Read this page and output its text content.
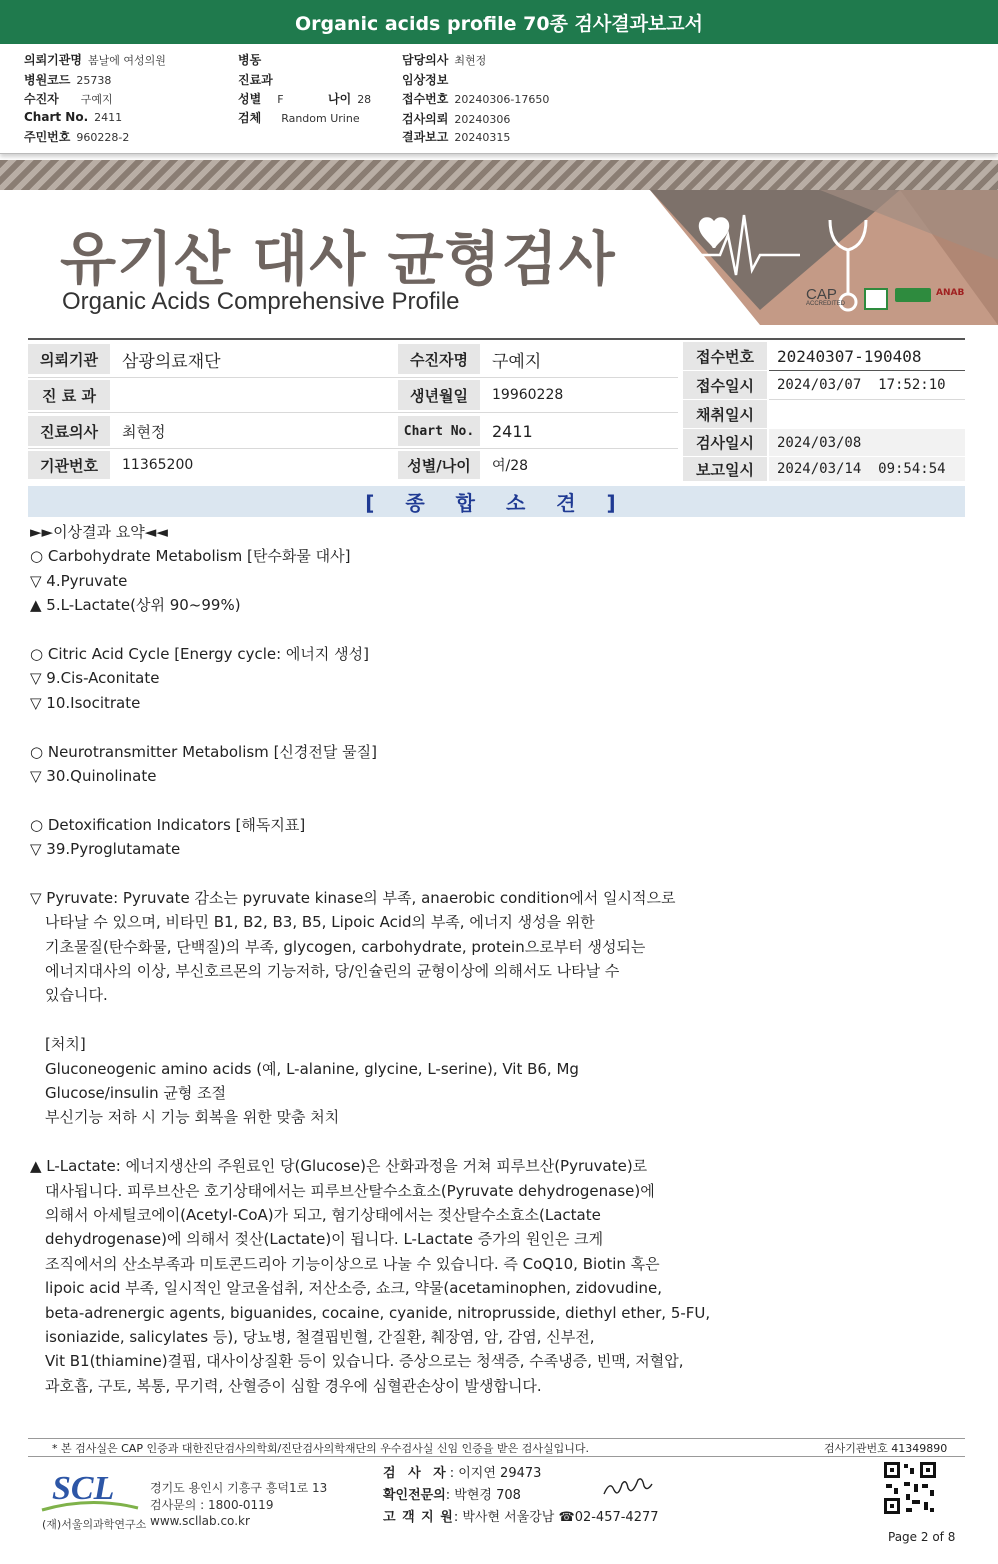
Organic acids profile 70종 검사결과보고서
의뢰기관명 봄날에 여성의원
병원코드 25738
수진자 구예지
Chart No. 2411
주민번호 960228-2
병동
진료과
성별 F	나이 28
검체 Random Urine
담당의사 최현정
임상정보
접수번호 20240306-17650
검사의뢰 20240306
결과보고 20240315
유기산 대사 균형검사
Organic Acids Comprehensive Profile	CAP
ACCREDITED
ANAB
의뢰기관	삼광의료재단
진 료 과
진료의사	최현정
기관번호	11365200
수진자명	구예지
생년월일	19960228
Chart No.	2411
성별/나이	여/28
접수번호	20240307-190408
접수일시	2024/03/07  17:52:10
채취일시
검사일시	2024/03/08
보고일시	2024/03/14  09:54:54
[ 종 합 소 견 ]
►►이상결과 요약◄◄
○ Carbohydrate Metabolism [탄수화물 대사]
▽ 4.Pyruvate
▲ 5.L-Lactate(상위 90~99%)
○ Citric Acid Cycle [Energy cycle: 에너지 생성]
▽ 9.Cis-Aconitate
▽ 10.Isocitrate
○ Neurotransmitter Metabolism [신경전달 물질]
▽ 30.Quinolinate
○ Detoxification Indicators [해독지표]
▽ 39.Pyroglutamate
▽ Pyruvate: Pyruvate 감소는 pyruvate kinase의 부족, anaerobic condition에서 일시적으로
나타날 수 있으며, 비타민 B1, B2, B3, B5, Lipoic Acid의 부족, 에너지 생성을 위한
기초물질(탄수화물, 단백질)의 부족, glycogen, carbohydrate, protein으로부터 생성되는
에너지대사의 이상, 부신호르몬의 기능저하, 당/인슐린의 균형이상에 의해서도 나타날 수
있습니다.
[처치]
Gluconeogenic amino acids (예, L-alanine, glycine, L-serine), Vit B6, Mg
Glucose/insulin 균형 조절
부신기능 저하 시 기능 회복을 위한 맞춤 처치
▲ L-Lactate: 에너지생산의 주원료인 당(Glucose)은 산화과정을 거쳐 피루브산(Pyruvate)로
대사됩니다. 피루브산은 호기상태에서는 피루브산탈수소효소(Pyruvate dehydrogenase)에
의해서 아세틸코에이(Acetyl-CoA)가 되고, 혐기상태에서는 젖산탈수소효소(Lactate
dehydrogenase)에 의해서 젖산(Lactate)이 됩니다. L-Lactate 증가의 원인은 크게
조직에서의 산소부족과 미토콘드리아 기능이상으로 나눌 수 있습니다. 즉 CoQ10, Biotin 혹은
lipoic acid 부족, 일시적인 알코올섭취, 저산소증, 쇼크, 약물(acetaminophen, zidovudine,
beta-adrenergic agents, biguanides, cocaine, cyanide, nitroprusside, diethyl ether, 5-FU,
isoniazide, salicylates 등), 당뇨병, 철결핍빈혈, 간질환, 췌장염, 암, 감염, 신부전,
Vit B1(thiamine)결핍, 대사이상질환 등이 있습니다. 증상으로는 청색증, 수족냉증, 빈맥, 저혈압,
과호흡, 구토, 복통, 무기력, 산혈증이 심할 경우에 심혈관손상이 발생합니다.
* 본 검사실은 CAP 인증과 대한진단검사의학회/진단검사의학재단의 우수검사실 신임 인증을 받은 검사실입니다.	검사기관번호 41349890
SCL
(재)서울의과학연구소
경기도 용인시 기흥구 흥덕1로 13
검사문의 : 1800-0119
www.scllab.co.kr
검 사 자: 이지연 29473
확인전문의: 박현경 708
고 객 지 원: 박사현 서울강남 ☎02-457-4277
Page 2 of 8
